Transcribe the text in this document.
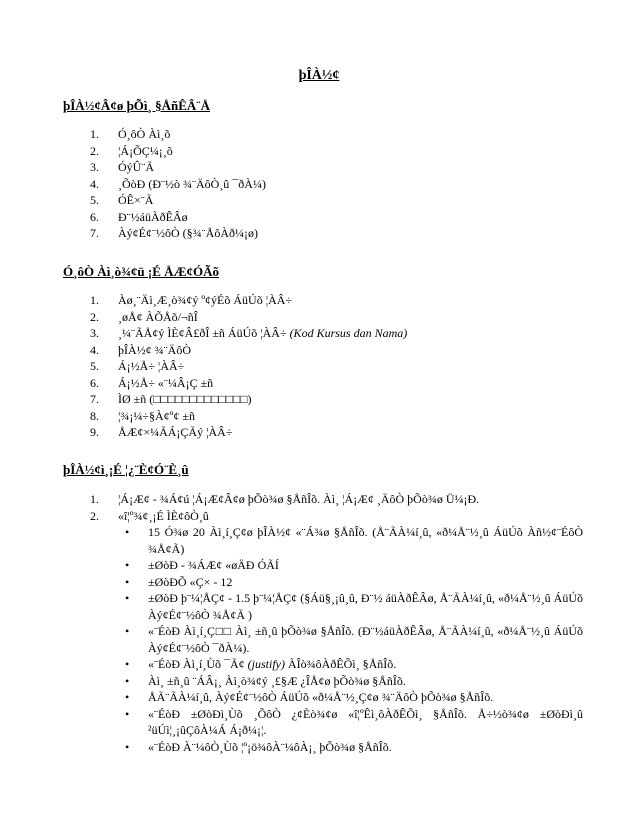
þÎÀ½¢
þÎÀ½¢Â¢ø þÕì¸ §ÅñÊÂ¨Å
1. Ó¸ôÒ Àì¸õ
2. ¦Á¡ÕÇ¼¡¸õ
3. ÓýÛ¨Ã
4. ¸ÕòÐ (Ð¨½ò ¾¨ÄôÒ¸û ¯ðÀ¼)
5. ÓÊ×¨Ã
6. Ð¨½áüÀðÊÂø
7. Àý¢É¢¨½ôÒ (§¾¨ÅôÀð¼¡ø)
Ó¸ôÒ Àì¸ò¾¢ü ¡É ÅÆ¢ÓÃõ
1. Àø¸¨Äì¸Æ¸ò¾¢ý º¢ýÉõ ÁüÚõ ¦ÀÂ÷
2. ¸øÅ¢ ÀÕÅõ/¬ñÎ
3. ¸¼¨ÃÅ¢ý ÌÈ¢Â£ðÎ ±ñ ÁüÚõ ¦ÀÂ÷ (Kod Kursus dan Nama)
4. þÎÀ½¢ ¾¨ÄôÒ
5. Á¡½Å÷ ¦ÀÂ÷
6. Á¡½Å÷ «¨¼Â¡Ç ±ñ
7. ÌØ ±ñ (□□□□□□□□□□□□□)
8. ¦¾¡¼÷§À¢º¢ ±ñ
9. ÅÆ¢×¼ÃÁ¡ÇÃý ¦ÀÂ÷
þÎÀ½¢ì¸¡É ¦¿¨È¢Ó¨È¸û
1. ¦Á¡Æ¢ - ¾Á¢ú ¦Á¡Æ¢Â¢ø þÕò¾ø §ÅñÎõ. Àì¸ ¦Á¡Æ¢ ¸ÄôÒ þÕò¾ø Ü¼¡Ð.
2. «î¦º¾¢¸¡É ÌÈ¢ôÒ¸û
• 15 Ó¾ø 20 Àì¸í¸Ç¢ø þÎÀ½¢ «¨Á¾ø §ÅñÎõ. (Å¨ÃÀ¼í¸û, «ð¼Å¨½¸û ÁüÚõ Àñ½¢¨ÉôÒ ¾Å¢Ã)
• ±ØòÐ - ¾ÁÆ¢ «øÄÐ ÓÃÍ
• ±ØòÐÕ «Ç× - 12
• ±ØòÐ þ¨¼¦ÅÇ¢ - 1.5 þ¨¼¦ÅÇ¢ (§Áü§¸¡û¸û, Ð¨½ áüÀðÊÂø, Å¨ÃÀ¼í¸û, «ð¼Å¨½¸û ÁüÚõ Àý¢É¢¨½ôÒ ¾Å¢Ã )
• «¨ÉòÐ Àì¸í¸Ç□□ Àì¸ ±ñ¸û þÕò¾ø §ÅñÎõ. (Ð¨½áüÀðÊÂø, Å¨ÃÀ¼í¸û, «ð¼Å¨½¸û ÁüÚõ Àý¢É¢¨½ôÒ ¯ðÀ¼).
• «¨ÉòÐ Àì¸í¸Ùõ ¯Ã¢ (justify) ÀÎò¾ôÀðÊÕì¸ §ÅñÎõ.
• Àì¸ ±ñ¸û ¨ÁÂ¡¸ Àì¸ò¾¢ý ¸£§Æ ¿ÎÅ¢ø þÕò¾ø §ÅñÎõ.
• ÅÃ¨ÃÀ¼í¸û, Àý¢É¢¨½ôÒ ÁüÚõ «ð¼Å¨½¸Ç¢ø ¾¨ÄôÒ þÕò¾ø §ÅñÎõ.
• «¨ÉòÐ ±ØòÐì¸Ùõ ¸ÕôÒ ¿¢Èò¾¢ø «î¦ºÊì¸ôÀðÊÕì¸ §ÅñÎõ. Å÷½ò¾¢ø ±ØòÐì¸û ²üÚì¦¸¡ûÇôÀ¼Á Á¡ð¼¡¦.
• «¨ÉòÐ À¨¼ôÒ¸Ùõ ¦º¡ö¾ôÀ¨¼ôÀ¡¸ þÕò¾ø §ÅñÎõ.
